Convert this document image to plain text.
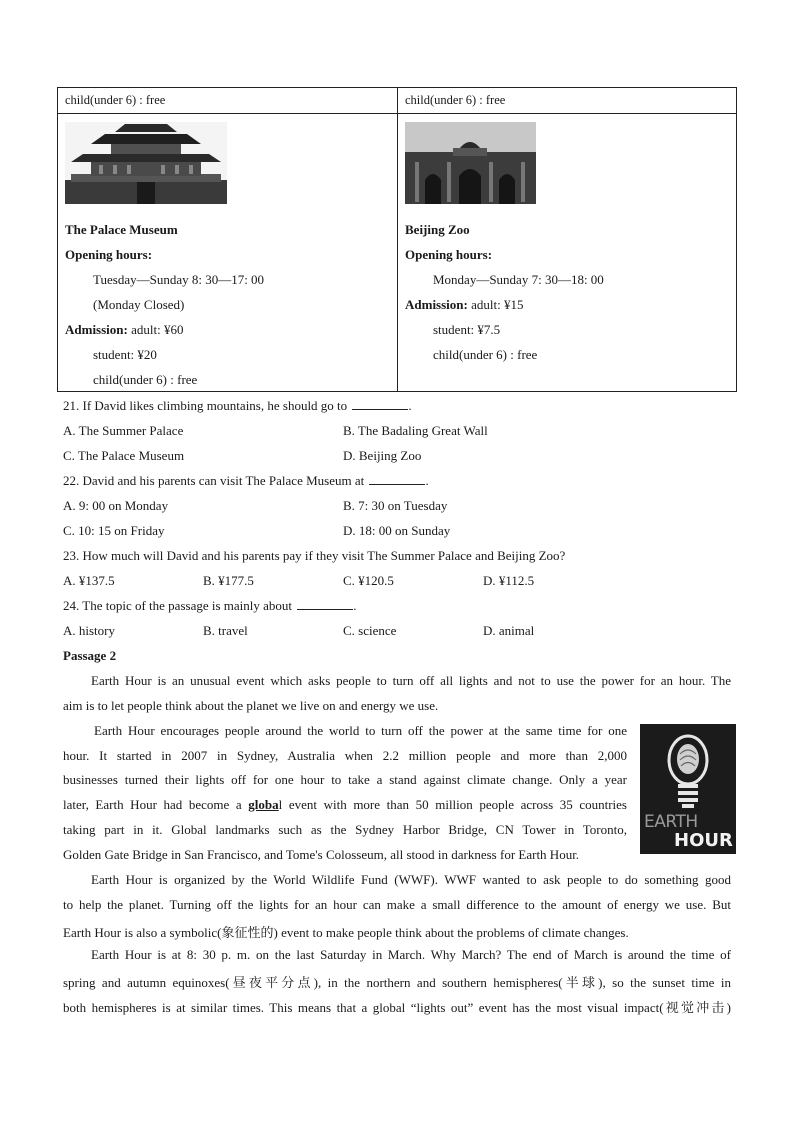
child(under 6) : free	child(under 6) : free
The Palace Museum
Opening hours:
Tuesday—Sunday 8: 30—17: 00
(Monday Closed)
Admission: adult: ¥60
student: ¥20
child(under 6) : free
Beijing Zoo
Opening hours:
Monday—Sunday 7: 30—18: 00
Admission: adult: ¥15
student: ¥7.5
child(under 6) : free
21. If David likes climbing mountains, he should go to	.
A. The Summer Palace	B. The Badaling Great Wall
C. The Palace Museum	D. Beijing Zoo
22. David and his parents can visit The Palace Museum at	.
A. 9: 00 on Monday	B. 7: 30 on Tuesday
C. 10: 15 on Friday	D. 18: 00 on Sunday
23. How much will David and his parents pay if they visit The Summer Palace and Beijing Zoo?
A. ¥137.5	B. ¥177.5	C. ¥120.5	D. ¥112.5
24. The topic of the passage is mainly about	.
A. history	B. travel	C. science	D. animal
Passage 2
Earth Hour is an unusual event which asks people to turn off all lights and not to use the power for an hour. The
aim is to let people think about the planet we live on and energy we use.
Earth Hour encourages people around the world to turn off the power at the same time for one
hour. It started in 2007 in Sydney, Australia when 2.2 million people and more than 2,000
businesses turned their lights off for one hour to take a stand against climate change. Only a year
later, Earth Hour had become a global event with more than 50 million people across 35 countries
taking part in it. Global landmarks such as the Sydney Harbor Bridge, CN Tower in Toronto,
Golden Gate Bridge in San Francisco, and Tome's Colosseum, all stood in darkness for Earth Hour.
EARTH
HOUR
Earth Hour is organized by the World Wildlife Fund (WWF). WWF wanted to ask people to do something good
to help the planet. Turning off the lights for an hour can make a small difference to the amount of energy we use. But
Earth Hour is also a symbolic(象征性的) event to make people think about the problems of climate changes.
Earth Hour is at 8: 30 p. m. on the last Saturday in March. Why March? The end of March is around the time of
spring and autumn equinoxes(昼夜平分点), in the northern and southern hemispheres(半球), so the sunset time in
both hemispheres is at similar times. This means that a global “lights out” event has the most visual impact(视觉冲击)
